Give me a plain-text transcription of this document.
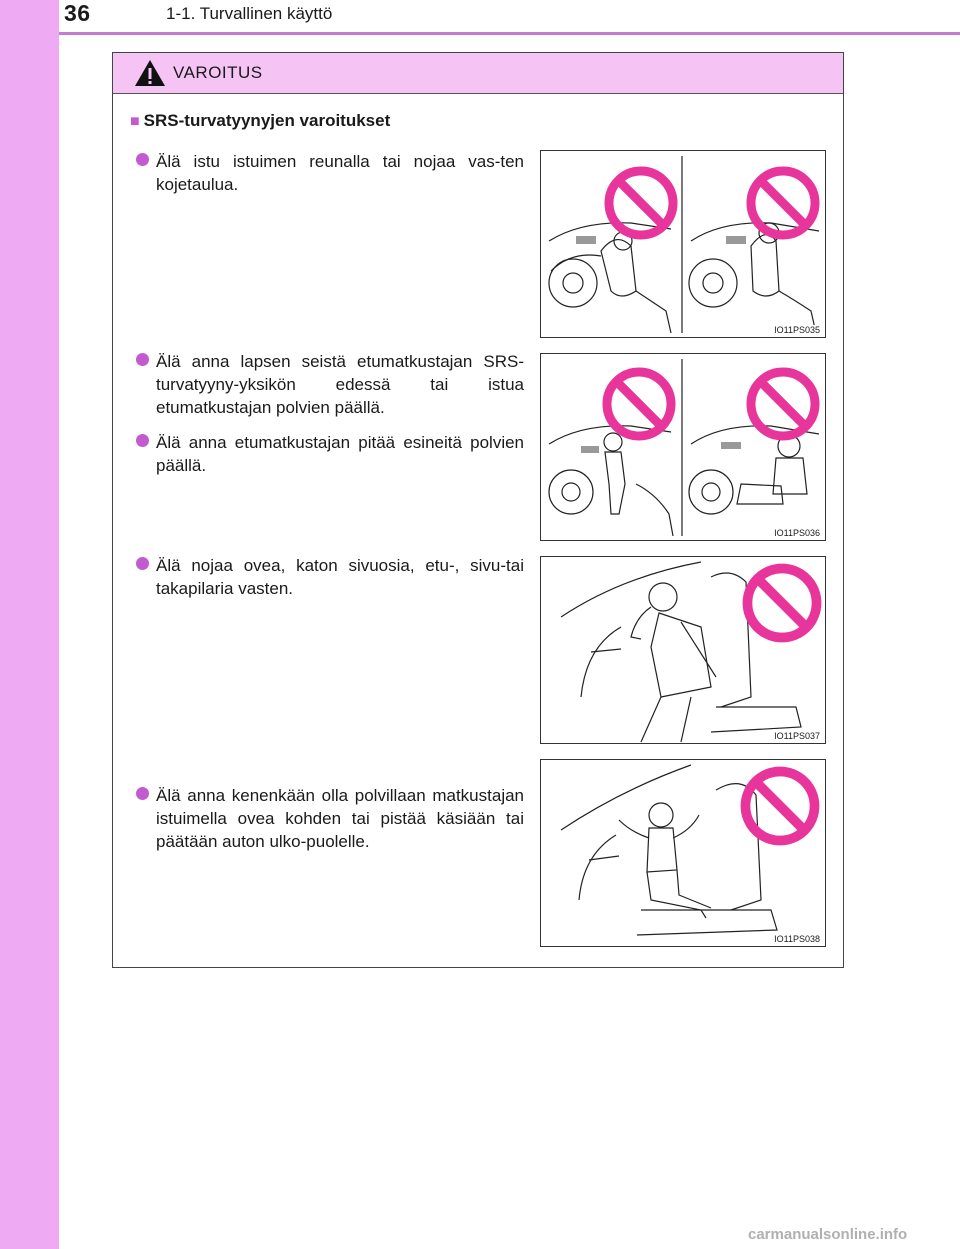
36	1-1. Turvallinen käyttö
VAROITUS
■ SRS-turvatyynyjen varoitukset
Älä istu istuimen reunalla tai nojaa vas-ten kojetaulua.
Älä anna lapsen seistä etumatkustajan SRS-turvatyyny-yksikön edessä tai istua etumatkustajan polvien päällä.
Älä anna etumatkustajan pitää esineitä polvien päällä.
Älä nojaa ovea, katon sivuosia, etu-, sivu-tai takapilaria vasten.
Älä anna kenenkään olla polvillaan matkustajan istuimella ovea kohden tai pistää käsiään tai päätään auton ulko-puolelle.
IO11PS035
IO11PS036
IO11PS037
IO11PS038
carmanualsonline.info
